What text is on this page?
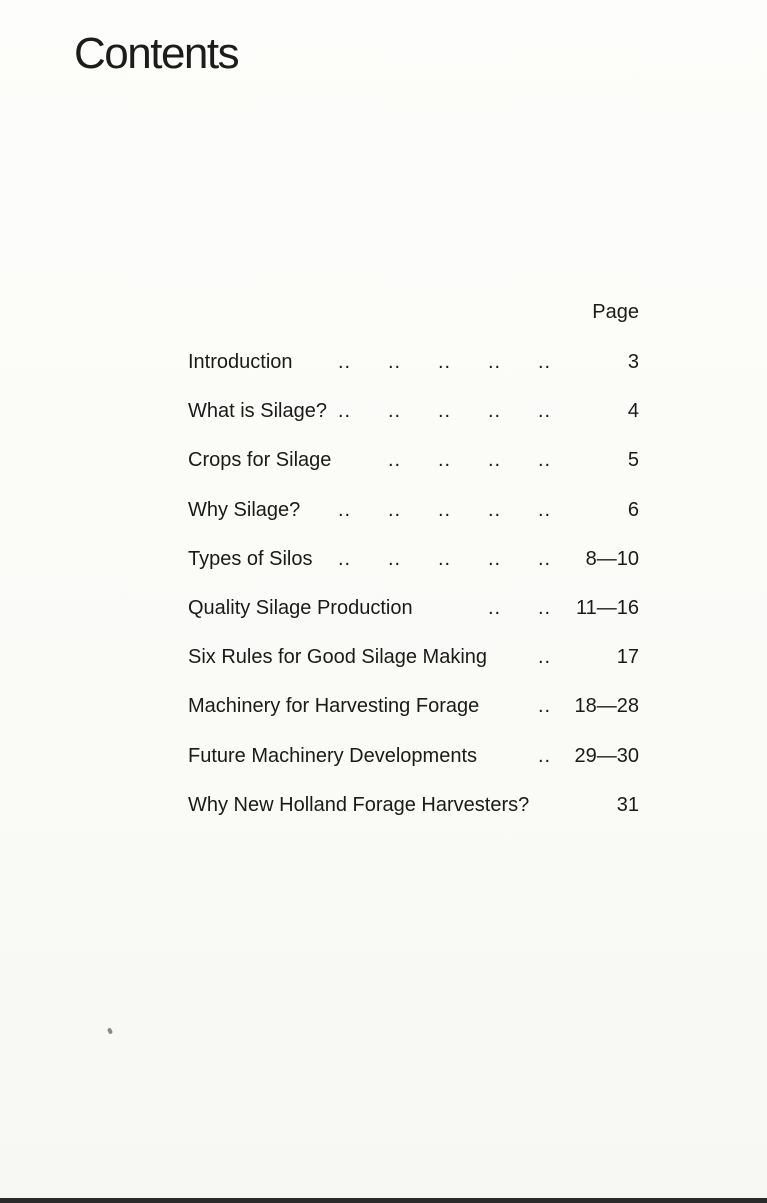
Contents
Page
Introduction .. .. .. .. ..	3
What is Silage? .. .. .. .. ..	4
Crops for Silage	.. .. .. ..	5
Why Silage? .. .. .. .. ..	6
Types of Silos .. .. .. .. .. 8—10
Quality Silage Production	.. .. 11—16
Six Rules for Good Silage Making	..	17
Machinery for Harvesting Forage	.. 18—28
Future Machinery Developments	.. 29—30
Why New Holland Forage Harvesters?	31
